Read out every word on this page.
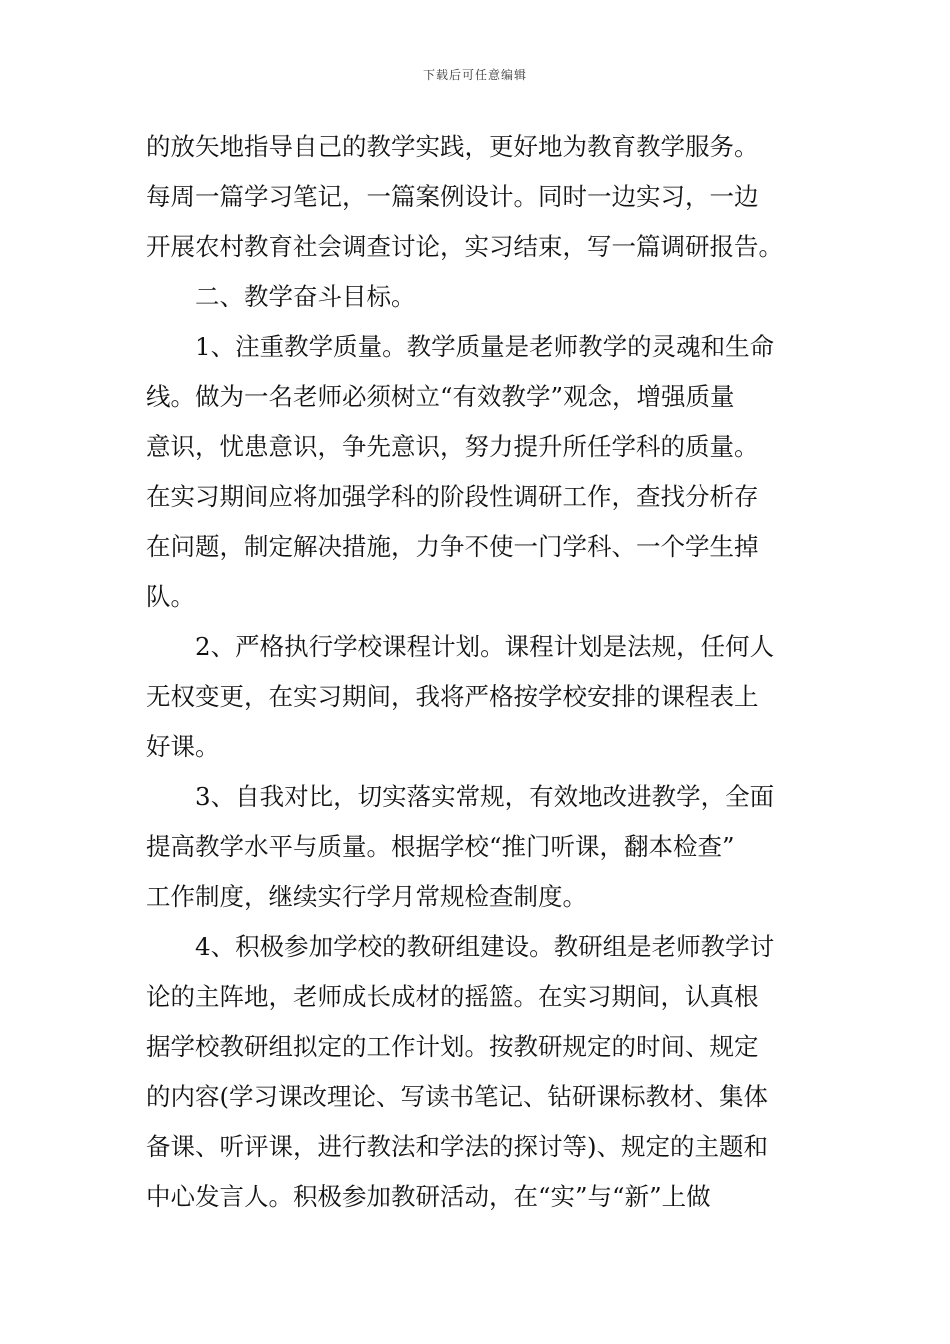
下载后可任意编辑
的放矢地指导自己的教学实践，更好地为教育教学服务。
每周一篇学习笔记，一篇案例设计。同时一边实习，一边
开展农村教育社会调查讨论，实习结束，写一篇调研报告。
二、教学奋斗目标。
1、注重教学质量。教学质量是老师教学的灵魂和生命
线。做为一名老师必须树立“有效教学”观念，增强质量
意识，忧患意识，争先意识，努力提升所任学科的质量。
在实习期间应将加强学科的阶段性调研工作，查找分析存
在问题，制定解决措施，力争不使一门学科、一个学生掉
队。
2、严格执行学校课程计划。课程计划是法规，任何人
无权变更，在实习期间，我将严格按学校安排的课程表上
好课。
3、自我对比，切实落实常规，有效地改进教学，全面
提高教学水平与质量。根据学校“推门听课，翻本检查”
工作制度，继续实行学月常规检查制度。
4、积极参加学校的教研组建设。教研组是老师教学讨
论的主阵地，老师成长成材的摇篮。在实习期间，认真根
据学校教研组拟定的工作计划。按教研规定的时间、规定
的内容(学习课改理论、写读书笔记、钻研课标教材、集体
备课、听评课，进行教法和学法的探讨等)、规定的主题和
中心发言人。积极参加教研活动，在“实”与“新”上做
